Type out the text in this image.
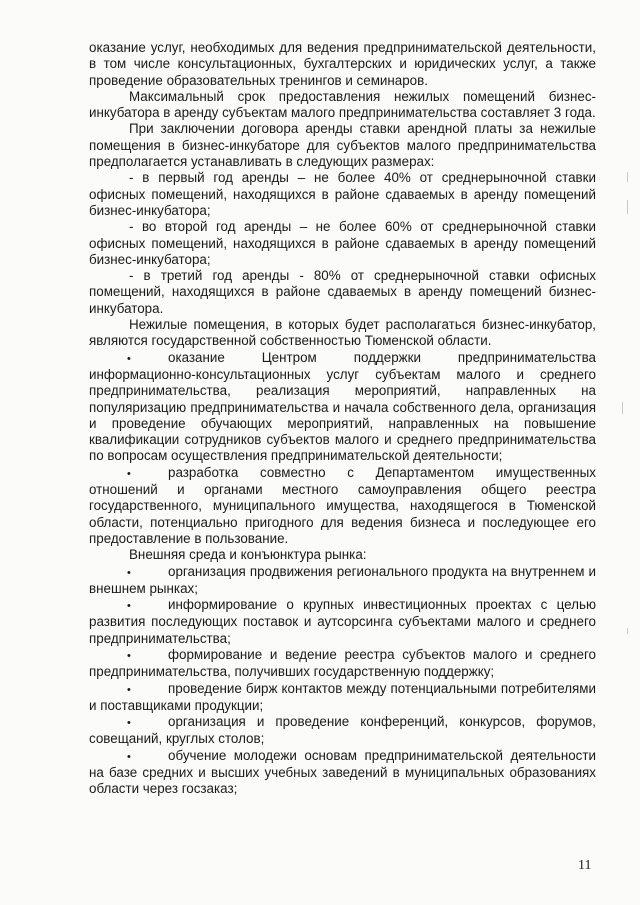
оказание услуг, необходимых для ведения предпринимательской деятельности, в том числе консультационных, бухгалтерских и юридических услуг, а также проведение образовательных тренингов и семинаров.

Максимальный срок предоставления нежилых помещений бизнес-инкубатора в аренду субъектам малого предпринимательства составляет 3 года.

При заключении договора аренды ставки арендной платы за нежилые помещения в бизнес-инкубаторе для субъектов малого предпринимательства предполагается устанавливать в следующих размерах:

- в первый год аренды – не более 40% от среднерыночной ставки офисных помещений, находящихся в районе сдаваемых в аренду помещений бизнес-инкубатора;

- во второй год аренды – не более 60% от среднерыночной ставки офисных помещений, находящихся в районе сдаваемых в аренду помещений бизнес-инкубатора;

- в третий год аренды - 80% от среднерыночной ставки офисных помещений, находящихся в районе сдаваемых в аренду помещений бизнес-инкубатора.

Нежилые помещения, в которых будет располагаться бизнес-инкубатор, являются государственной собственностью Тюменской области.

•	оказание Центром поддержки предпринимательства информационно-консультационных услуг субъектам малого и среднего предпринимательства, реализация мероприятий, направленных на популяризацию предпринимательства и начала собственного дела, организация и проведение обучающих мероприятий, направленных на повышение квалификации сотрудников субъектов малого и среднего предпринимательства по вопросам осуществления предпринимательской деятельности;

•	разработка совместно с Департаментом имущественных отношений и органами местного самоуправления общего реестра государственного, муниципального имущества, находящегося в Тюменской области, потенциально пригодного для ведения бизнеса и последующее его предоставление в пользование.

Внешняя среда и конъюнктура рынка:

•	организация продвижения регионального продукта на внутреннем и внешнем рынках;

•	информирование о крупных инвестиционных проектах с целью развития последующих поставок и аутсорсинга субъектами малого и среднего предпринимательства;

•	формирование и ведение реестра субъектов малого и среднего предпринимательства, получивших государственную поддержку;

•	проведение бирж контактов между потенциальными потребителями и поставщиками продукции;

•	организация и проведение конференций, конкурсов, форумов, совещаний, круглых столов;

•	обучение молодежи основам предпринимательской деятельности на базе средних и высших учебных заведений в муниципальных образованиях области через госзаказ;

11
